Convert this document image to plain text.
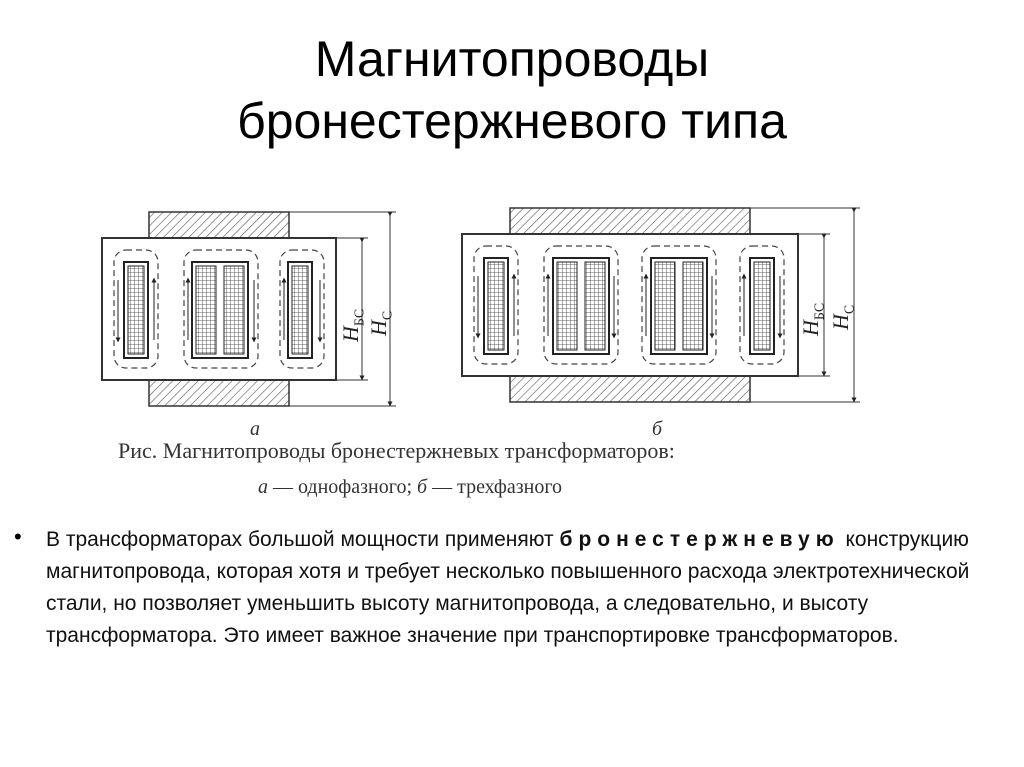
Магнитопроводы
бронестержневого типа
$H_{БС}$
$H_С$
$H_{БС}$
$H_С$
а	б
Рис. Магнитопроводы бронестержневых трансформаторов:
а — однофазного; б — трехфазного
• В трансформаторах большой мощности применяют бронестержневую конструкцию магнитопровода, которая хотя и требует несколько повышенного расхода электротехнической стали, но позволяет уменьшить высоту магнитопровода, а следовательно, и высоту трансформатора. Это имеет важное значение при транспортировке трансформаторов.
